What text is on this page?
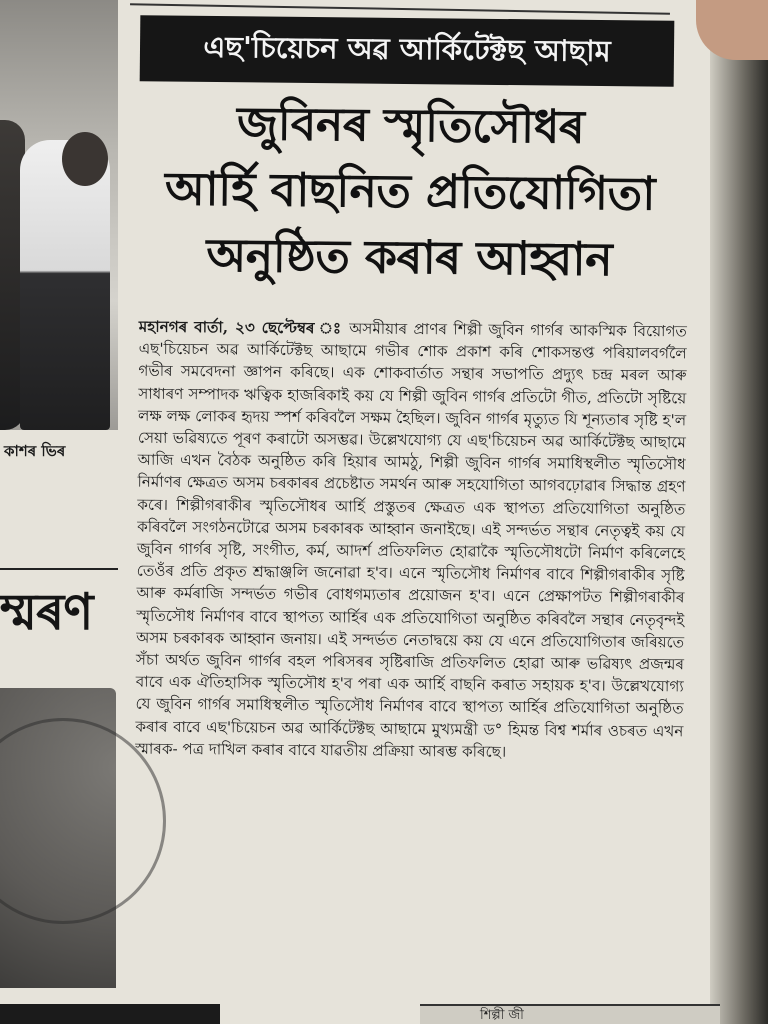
কাশৰ ভিৰ
ম্মৰণ
এছ'চিয়েচন অৱ আৰ্কিটেক্টছ আছাম
জুবিনৰ স্মৃতিসৌধৰ
আৰ্হি বাছনিত প্ৰতিযোগিতা
অনুষ্ঠিত কৰাৰ আহ্বান

মহানগৰ বাৰ্তা, ২৩ ছেপ্টেম্বৰ ঃ অসমীয়াৰ প্ৰাণৰ শিল্পী জুবিন গাৰ্গৰ আকস্মিক বিয়োগত এছ'চিয়েচন অৱ আৰ্কিটেক্টছ আছামে গভীৰ শোক প্ৰকাশ কৰি শোকসন্তপ্ত পৰিয়ালবৰ্গলৈ গভীৰ সমবেদনা জ্ঞাপন কৰিছে। এক শোকবাৰ্তাত সন্থাৰ সভাপতি প্ৰদ্যুৎ চন্দ্ৰ মৰল আৰু সাধাৰণ সম্পাদক ঋত্বিক হাজৰিকাই কয় যে শিল্পী জুবিন গাৰ্গৰ প্ৰতিটো গীত, প্ৰতিটো সৃষ্টিয়ে লক্ষ লক্ষ লোকৰ হৃদয় স্পৰ্শ কৰিবলৈ সক্ষম হৈছিল। জুবিন গাৰ্গৰ মৃত্যুত যি শূন্যতাৰ সৃষ্টি হ'ল সেয়া ভৱিষ্যতে পূৰণ কৰাটো অসম্ভৱ। উল্লেখযোগ্য যে এছ'চিয়েচন অৱ আৰ্কিটেক্টছ আছামে আজি এখন বৈঠক অনুষ্ঠিত কৰি হিয়াৰ আমঠু, শিল্পী জুবিন গাৰ্গৰ সমাধিস্থলীত স্মৃতিসৌধ নিৰ্মাণৰ ক্ষেত্ৰত অসম চৰকাৰৰ প্ৰচেষ্টাত সমৰ্থন আৰু সহযোগিতা আগবঢ়োৱাৰ সিদ্ধান্ত গ্ৰহণ কৰে। শিল্পীগৰাকীৰ স্মৃতিসৌধৰ আৰ্হি প্ৰস্তুতৰ ক্ষেত্ৰত এক স্থাপত্য প্ৰতিযোগিতা অনুষ্ঠিত কৰিবলৈ সংগঠনটোৱে অসম চৰকাৰক আহ্বান জনাইছে। এই সন্দৰ্ভত সন্থাৰ নেতৃত্বই কয় যে জুবিন গাৰ্গৰ সৃষ্টি, সংগীত, কৰ্ম, আদৰ্শ প্ৰতিফলিত হোৱাকৈ স্মৃতিসৌধটো নিৰ্মাণ কৰিলেহে তেওঁৰ প্ৰতি প্ৰকৃত শ্ৰদ্ধাঞ্জলি জনোৱা হ'ব। এনে স্মৃতিসৌধ নিৰ্মাণৰ বাবে শিল্পীগৰাকীৰ সৃষ্টি আৰু কৰ্মৰাজি সন্দৰ্ভত গভীৰ বোধগম্যতাৰ প্ৰয়োজন হ'ব। এনে প্ৰেক্ষাপটত শিল্পীগৰাকীৰ স্মৃতিসৌধ নিৰ্মাণৰ বাবে স্থাপত্য আৰ্হিৰ এক প্ৰতিযোগিতা অনুষ্ঠিত কৰিবলৈ সন্থাৰ নেতৃবৃন্দই অসম চৰকাৰক আহ্বান জনায়। এই সন্দৰ্ভত নেতাদ্বয়ে কয় যে এনে প্ৰতিযোগিতাৰ জৰিয়তে সঁচা অৰ্থত জুবিন গাৰ্গৰ বহল পৰিসৰৰ সৃষ্টিৰাজি প্ৰতিফলিত হোৱা আৰু ভৱিষ্যৎ প্ৰজন্মৰ বাবে এক ঐতিহাসিক স্মৃতিসৌধ হ'ব পৰা এক আৰ্হি বাছনি কৰাত সহায়ক হ'ব। উল্লেখযোগ্য যে জুবিন গাৰ্গৰ সমাধিস্থলীত স্মৃতিসৌধ নিৰ্মাণৰ বাবে স্থাপত্য আৰ্হিৰ প্ৰতিযোগিতা অনুষ্ঠিত কৰাৰ বাবে এছ'চিয়েচন অৱ আৰ্কিটেক্টছ আছামে মুখ্যমন্ত্ৰী ড° হিমন্ত বিশ্ব শৰ্মাৰ ওচৰত এখন স্মাৰক- পত্ৰ দাখিল কৰাৰ বাবে যাৱতীয় প্ৰক্ৰিয়া আৰম্ভ কৰিছে।

শিল্পী জী
